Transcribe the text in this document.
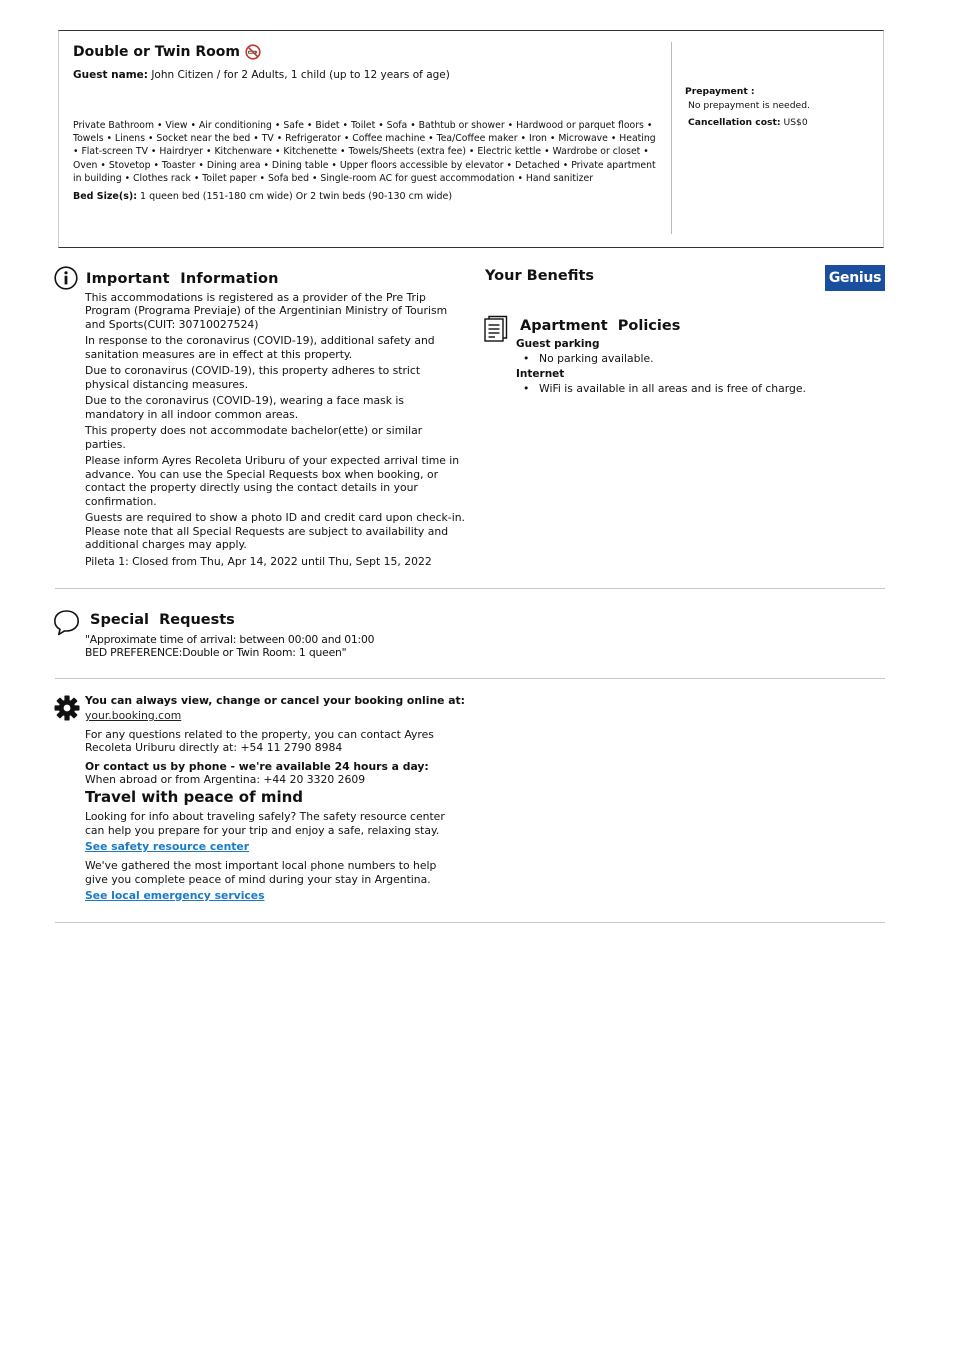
Double or Twin Room
Guest name: John Citizen / for 2 Adults, 1 child (up to 12 years of age)
Private Bathroom • View • Air conditioning • Safe • Bidet • Toilet • Sofa • Bathtub or shower • Hardwood or parquet floors • Towels • Linens • Socket near the bed • TV • Refrigerator • Coffee machine • Tea/Coffee maker • Iron • Microwave • Heating • Flat-screen TV • Hairdryer • Kitchenware • Kitchenette • Towels/Sheets (extra fee) • Electric kettle • Wardrobe or closet • Oven • Stovetop • Toaster • Dining area • Dining table • Upper floors accessible by elevator • Detached • Private apartment in building • Clothes rack • Toilet paper • Sofa bed • Single-room AC for guest accommodation • Hand sanitizer
Bed Size(s): 1 queen bed (151-180 cm wide) Or 2 twin beds (90-130 cm wide)
Prepayment :
No prepayment is needed.
Cancellation cost: US$0
Important  Information

This accommodations is registered as a provider of the Pre Trip Program (Programa Previaje) of the Argentinian Ministry of Tourism and Sports(CUIT: 30710027524)

In response to the coronavirus (COVID-19), additional safety and sanitation measures are in effect at this property.

Due to coronavirus (COVID-19), this property adheres to strict physical distancing measures.

Due to the coronavirus (COVID-19), wearing a face mask is mandatory in all indoor common areas.

This property does not accommodate bachelor(ette) or similar parties.

Please inform Ayres Recoleta Uriburu of your expected arrival time in advance. You can use the Special Requests box when booking, or contact the property directly using the contact details in your confirmation.

Guests are required to show a photo ID and credit card upon check-in. Please note that all Special Requests are subject to availability and additional charges may apply.

Pileta 1: Closed from Thu, Apr 14, 2022 until Thu, Sept 15, 2022

Your Benefits	Genius
Apartment  Policies
Guest parking
• No parking available.
Internet
• WiFi is available in all areas and is free of charge.
Special  Requests
"Approximate time of arrival: between 00:00 and 01:00
BED PREFERENCE:Double or Twin Room: 1 queen"
You can always view, change or cancel your booking online at:
your.booking.com
For any questions related to the property, you can contact Ayres Recoleta Uriburu directly at: +54 11 2790 8984
Or contact us by phone - we're available 24 hours a day:
When abroad or from Argentina: +44 20 3320 2609
Travel with peace of mind
Looking for info about traveling safely? The safety resource center can help you prepare for your trip and enjoy a safe, relaxing stay.
See safety resource center
We've gathered the most important local phone numbers to help give you complete peace of mind during your stay in Argentina.
See local emergency services
